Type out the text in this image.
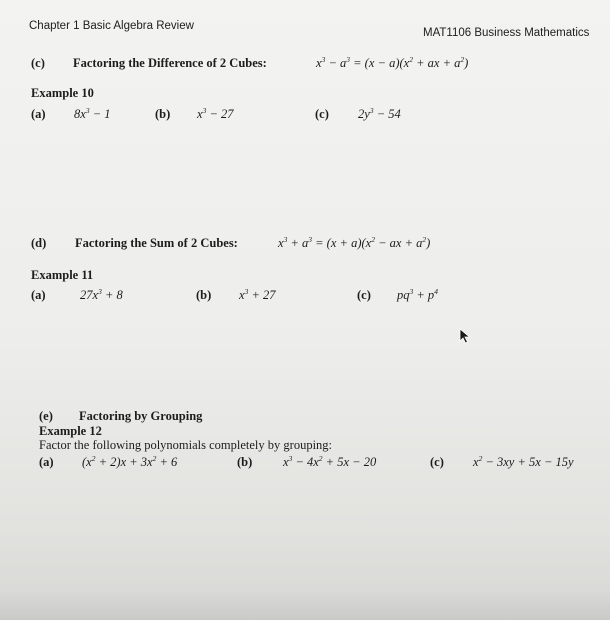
Chapter 1 Basic Algebra Review
MAT1106 Business Mathematics
(c) Factoring the Difference of 2 Cubes:	$x^3 - a^3 = (x - a)(x^2$ + ax + $a^2$)
Example 10
(a) $8x^3 - 1$	(b) $x^3 - 27$	(c) $2y^3 - 54$
(d) Factoring the Sum of 2 Cubes:	$x^3 + a^3 = (x + a)(x^2$ − ax + $a^2$)
Example 11
(a)	$27x^3 + 8$	(b) $x^3 + 27$	(c) $pq^3 + p^4$
(e) Factoring by Grouping
Example 12
Factor the following polynomials completely by grouping:
(a) $(x^2 + 2)x + 3x^2 + 6$	(b) $x^3 - 4x^2 + 5x - 20$	(c) $x^2 - 3xy + 5x - 15y$
